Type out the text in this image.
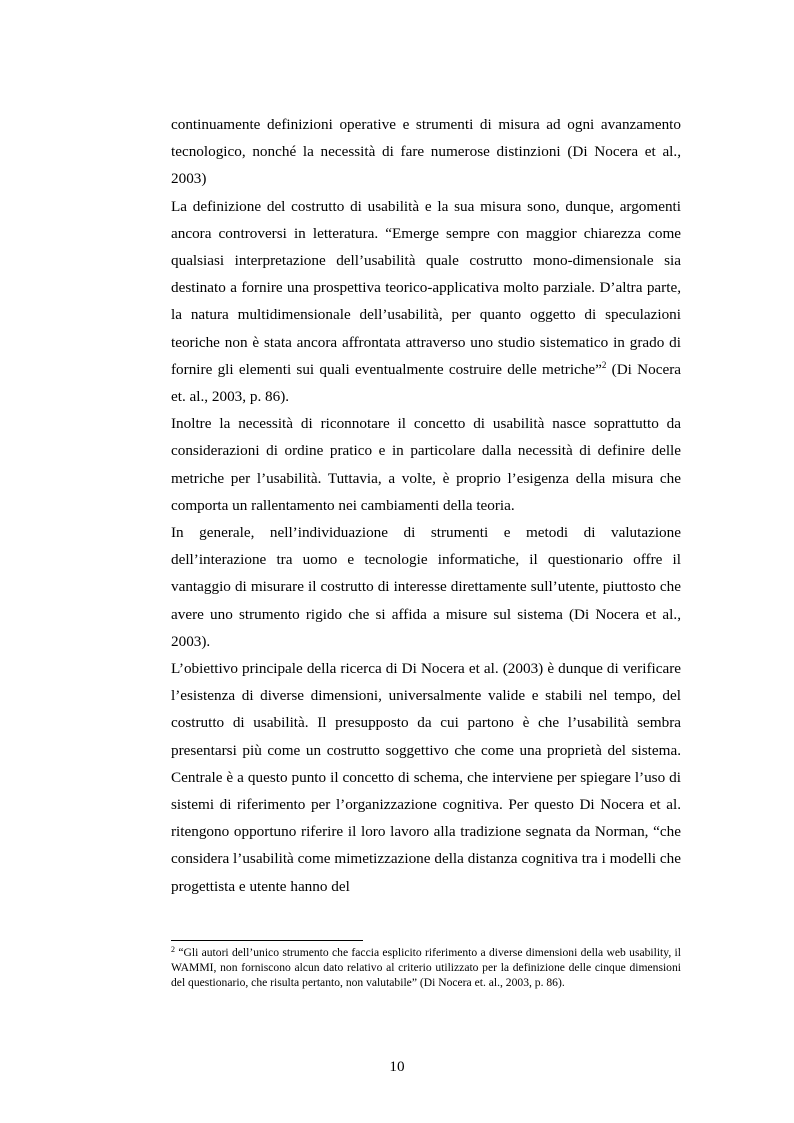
continuamente definizioni operative e strumenti di misura ad ogni avanzamento tecnologico, nonché la necessità di fare numerose distinzioni (Di Nocera et al., 2003)

La definizione del costrutto di usabilità e la sua misura sono, dunque, argomenti ancora controversi in letteratura. “Emerge sempre con maggior chiarezza come qualsiasi interpretazione dell’usabilità quale costrutto mono-dimensionale sia destinato a fornire una prospettiva teorico-applicativa molto parziale. D’altra parte, la natura multidimensionale dell’usabilità, per quanto oggetto di speculazioni teoriche non è stata ancora affrontata attraverso uno studio sistematico in grado di fornire gli elementi sui quali eventualmente costruire delle metriche”$^2$ (Di Nocera et. al., 2003, p. 86).

Inoltre la necessità di riconnotare il concetto di usabilità nasce soprattutto da considerazioni di ordine pratico e in particolare dalla necessità di definire delle metriche per l’usabilità. Tuttavia, a volte, è proprio l’esigenza della misura che comporta un rallentamento nei cambiamenti della teoria.

In generale, nell’individuazione di strumenti e metodi di valutazione dell’interazione tra uomo e tecnologie informatiche, il questionario offre il vantaggio di misurare il costrutto di interesse direttamente sull’utente, piuttosto che avere uno strumento rigido che si affida a misure sul sistema (Di Nocera et al., 2003).

L’obiettivo principale della ricerca di Di Nocera et al. (2003) è dunque di verificare l’esistenza di diverse dimensioni, universalmente valide e stabili nel tempo, del costrutto di usabilità. Il presupposto da cui partono è che l’usabilità sembra presentarsi più come un costrutto soggettivo che come una proprietà del sistema. Centrale è a questo punto il concetto di schema, che interviene per spiegare l’uso di sistemi di riferimento per l’organizzazione cognitiva. Per questo Di Nocera et al. ritengono opportuno riferire il loro lavoro alla tradizione segnata da Norman, “che considera l’usabilità come mimetizzazione della distanza cognitiva tra i modelli che progettista e utente hanno del

$^2$ “Gli autori dell’unico strumento che faccia esplicito riferimento a diverse dimensioni della web usability, il WAMMI, non forniscono alcun dato relativo al criterio utilizzato per la definizione delle cinque dimensioni del questionario, che risulta pertanto, non valutabile” (Di Nocera et. al., 2003, p. 86).

10
